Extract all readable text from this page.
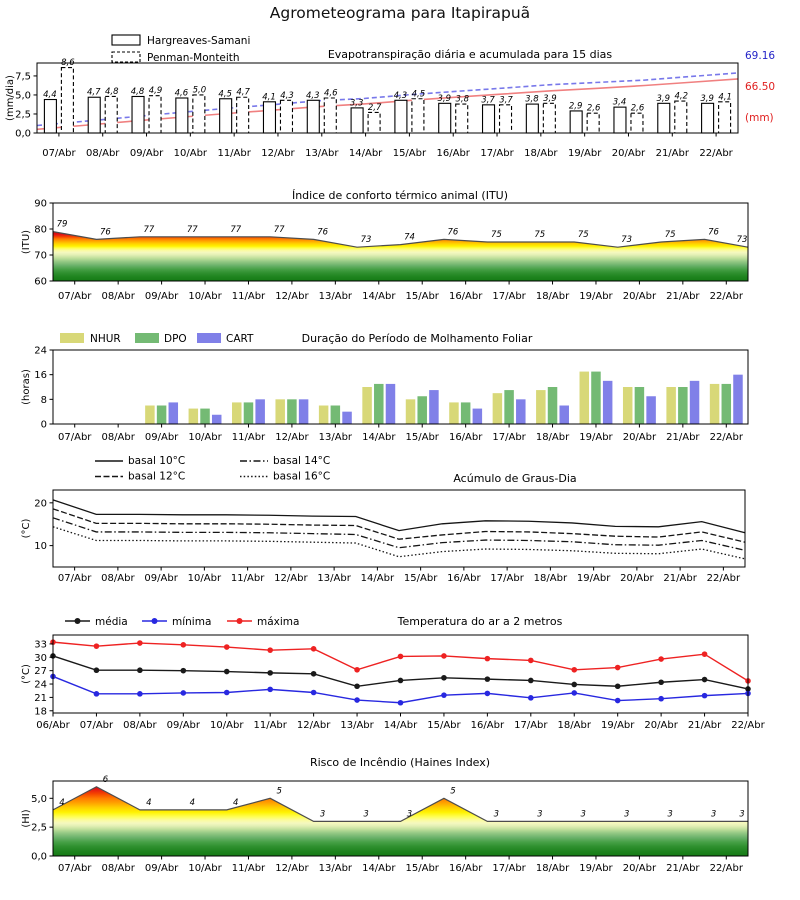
Agrometeograma para Itapirapuã
0,0
2,5
5,0
7,5
(mm/dia)
07/Abr 08/Abr 09/Abr 10/Abr 11/Abr 12/Abr 13/Abr 14/Abr 15/Abr 16/Abr 17/Abr 18/Abr 19/Abr 20/Abr 21/Abr 22/Abr
4,4
8,6
4,7 4,8 4,8 4,9 4,6 5,0 4,5 4,7 4,1 4,3 4,3 4,6
3,3 2,7
4,3 4,5 3,9 3,8 3,7 3,7 3,8 3,9
2,9 2,6
3,4
2,6
3,9 4,2 3,9 4,1
69.16
66.50
(mm)
Hargreaves-Samani
Penman-Monteith	Evapotranspiração diária e acumulada para 15 dias
60
70
80
90
(ITU)
07/Abr 08/Abr 09/Abr 10/Abr 11/Abr 12/Abr 13/Abr 14/Abr 15/Abr 16/Abr 17/Abr 18/Abr 19/Abr 20/Abr 21/Abr 22/Abr
79
76	77	77	77	77	76
73	74
76	75	75	75
73
75	76
73
Índice de conforto térmico animal (ITU)
0
8
16
24
(horas)
07/Abr 08/Abr 09/Abr 10/Abr 11/Abr 12/Abr 13/Abr 14/Abr 15/Abr 16/Abr 17/Abr 18/Abr 19/Abr 20/Abr 21/Abr 22/Abr
NHUR	DPO	CART	Duração do Período de Molhamento Foliar
10
20
(°C)
07/Abr 08/Abr 09/Abr 10/Abr 11/Abr 12/Abr 13/Abr 14/Abr 15/Abr 16/Abr 17/Abr 18/Abr 19/Abr 20/Abr 21/Abr 22/Abr
basal 10°C
basal 12°C
basal 14°C
basal 16°C	Acúmulo de Graus-Dia
18
21
24
27
30
33
(°C)
06/Abr 07/Abr 08/Abr 09/Abr 10/Abr 11/Abr 12/Abr 13/Abr 14/Abr 15/Abr 16/Abr 17/Abr 18/Abr 19/Abr 20/Abr 21/Abr 22/Abr
média	mínima	máxima	Temperatura do ar a 2 metros
0,0
2,5
5,0
(HI)
07/Abr 08/Abr 09/Abr 10/Abr 11/Abr 12/Abr 13/Abr 14/Abr 15/Abr 16/Abr 17/Abr 18/Abr 19/Abr 20/Abr 21/Abr 22/Abr
4
6
4	4	4
5
3	3	3
5
3	3	3	3	3	3	3
Risco de Incêndio (Haines Index)
